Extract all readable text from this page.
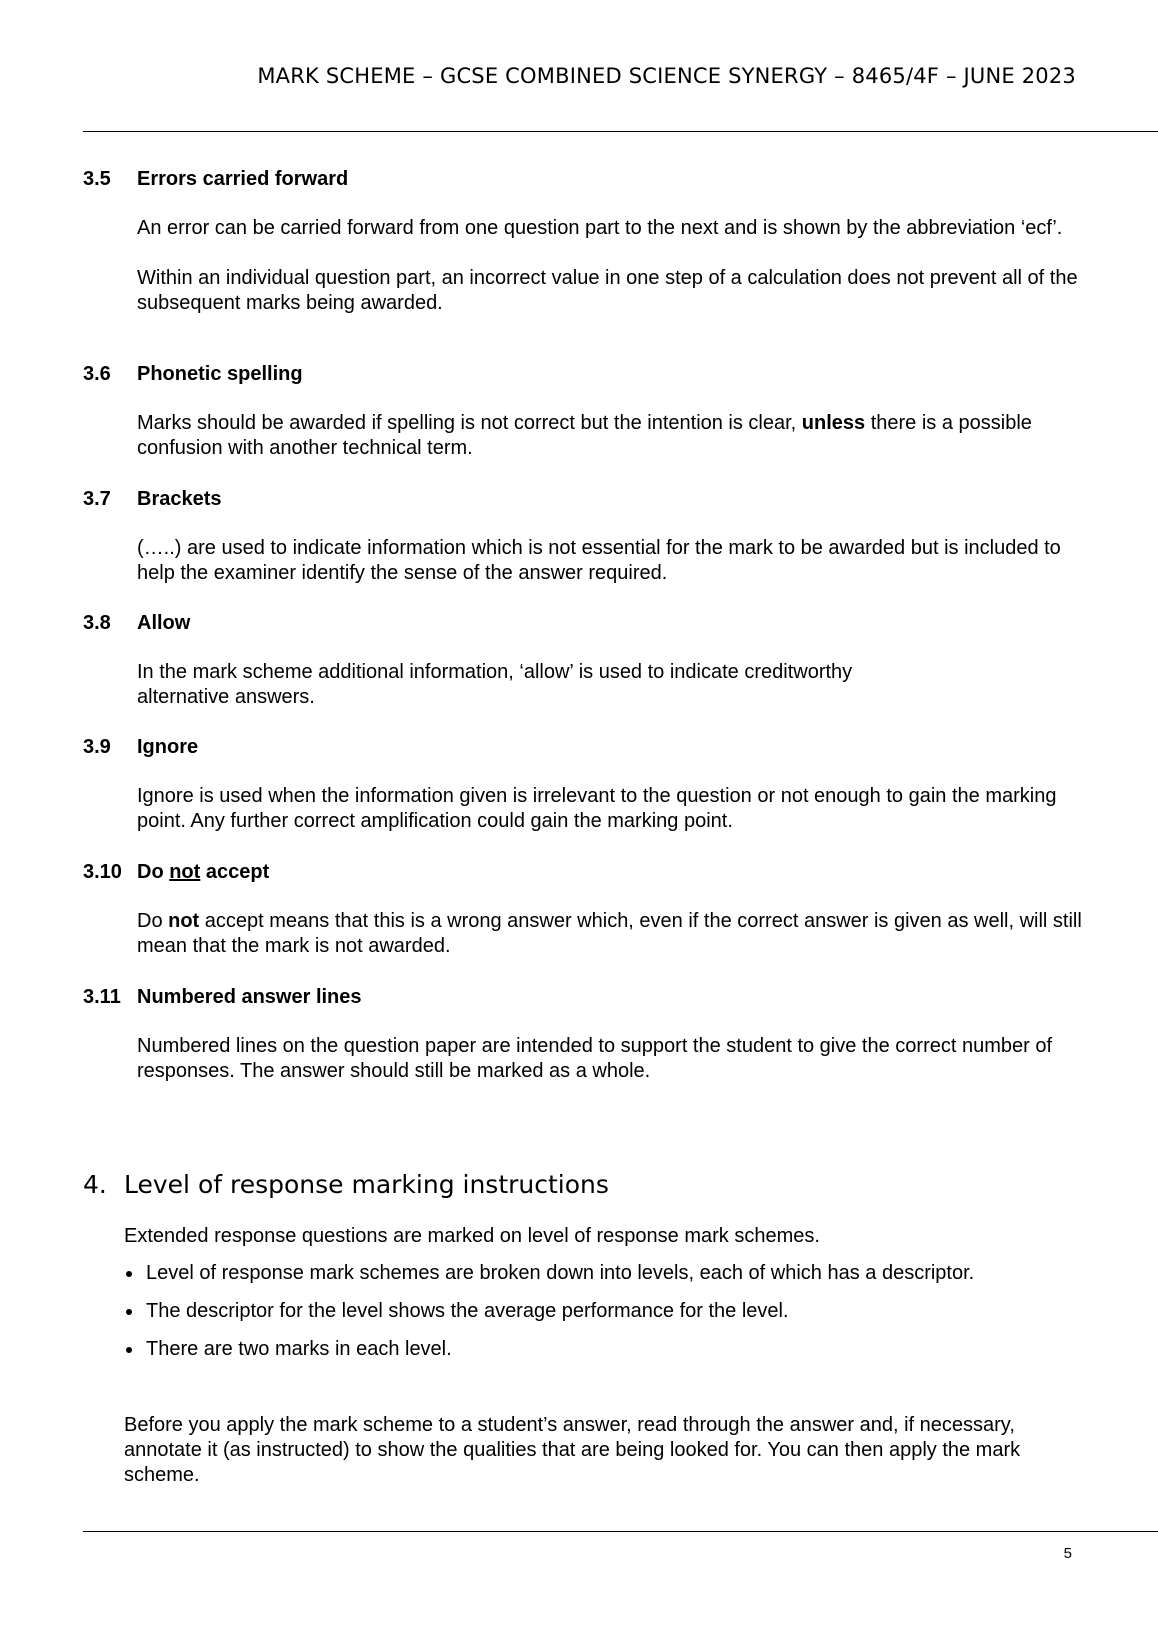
MARK SCHEME – GCSE COMBINED SCIENCE SYNERGY – 8465/4F – JUNE 2023
3.5	Errors carried forward

An error can be carried forward from one question part to the next and is shown by the abbreviation ‘ecf’.

Within an individual question part, an incorrect value in one step of a calculation does not prevent all of the subsequent marks being awarded.

3.6	Phonetic spelling

Marks should be awarded if spelling is not correct but the intention is clear, unless there is a possible confusion with another technical term.

3.7	Brackets

(…..) are used to indicate information which is not essential for the mark to be awarded but is included to help the examiner identify the sense of the answer required.

3.8	Allow

In the mark scheme additional information, ‘allow’ is used to indicate creditworthy
alternative answers.

3.9	Ignore

Ignore is used when the information given is irrelevant to the question or not enough to gain the marking point. Any further correct amplification could gain the marking point.

3.10 Do not accept

Do not accept means that this is a wrong answer which, even if the correct answer is given as well, will still mean that the mark is not awarded.

3.11 Numbered answer lines

Numbered lines on the question paper are intended to support the student to give the correct number of responses. The answer should still be marked as a whole.

4. Level of response marking instructions
Extended response questions are marked on level of response mark schemes.
Level of response mark schemes are broken down into levels, each of which has a descriptor.
The descriptor for the level shows the average performance for the level.
There are two marks in each level.
Before you apply the mark scheme to a student’s answer, read through the answer and, if necessary, annotate it (as instructed) to show the qualities that are being looked for. You can then apply the mark scheme.
5
